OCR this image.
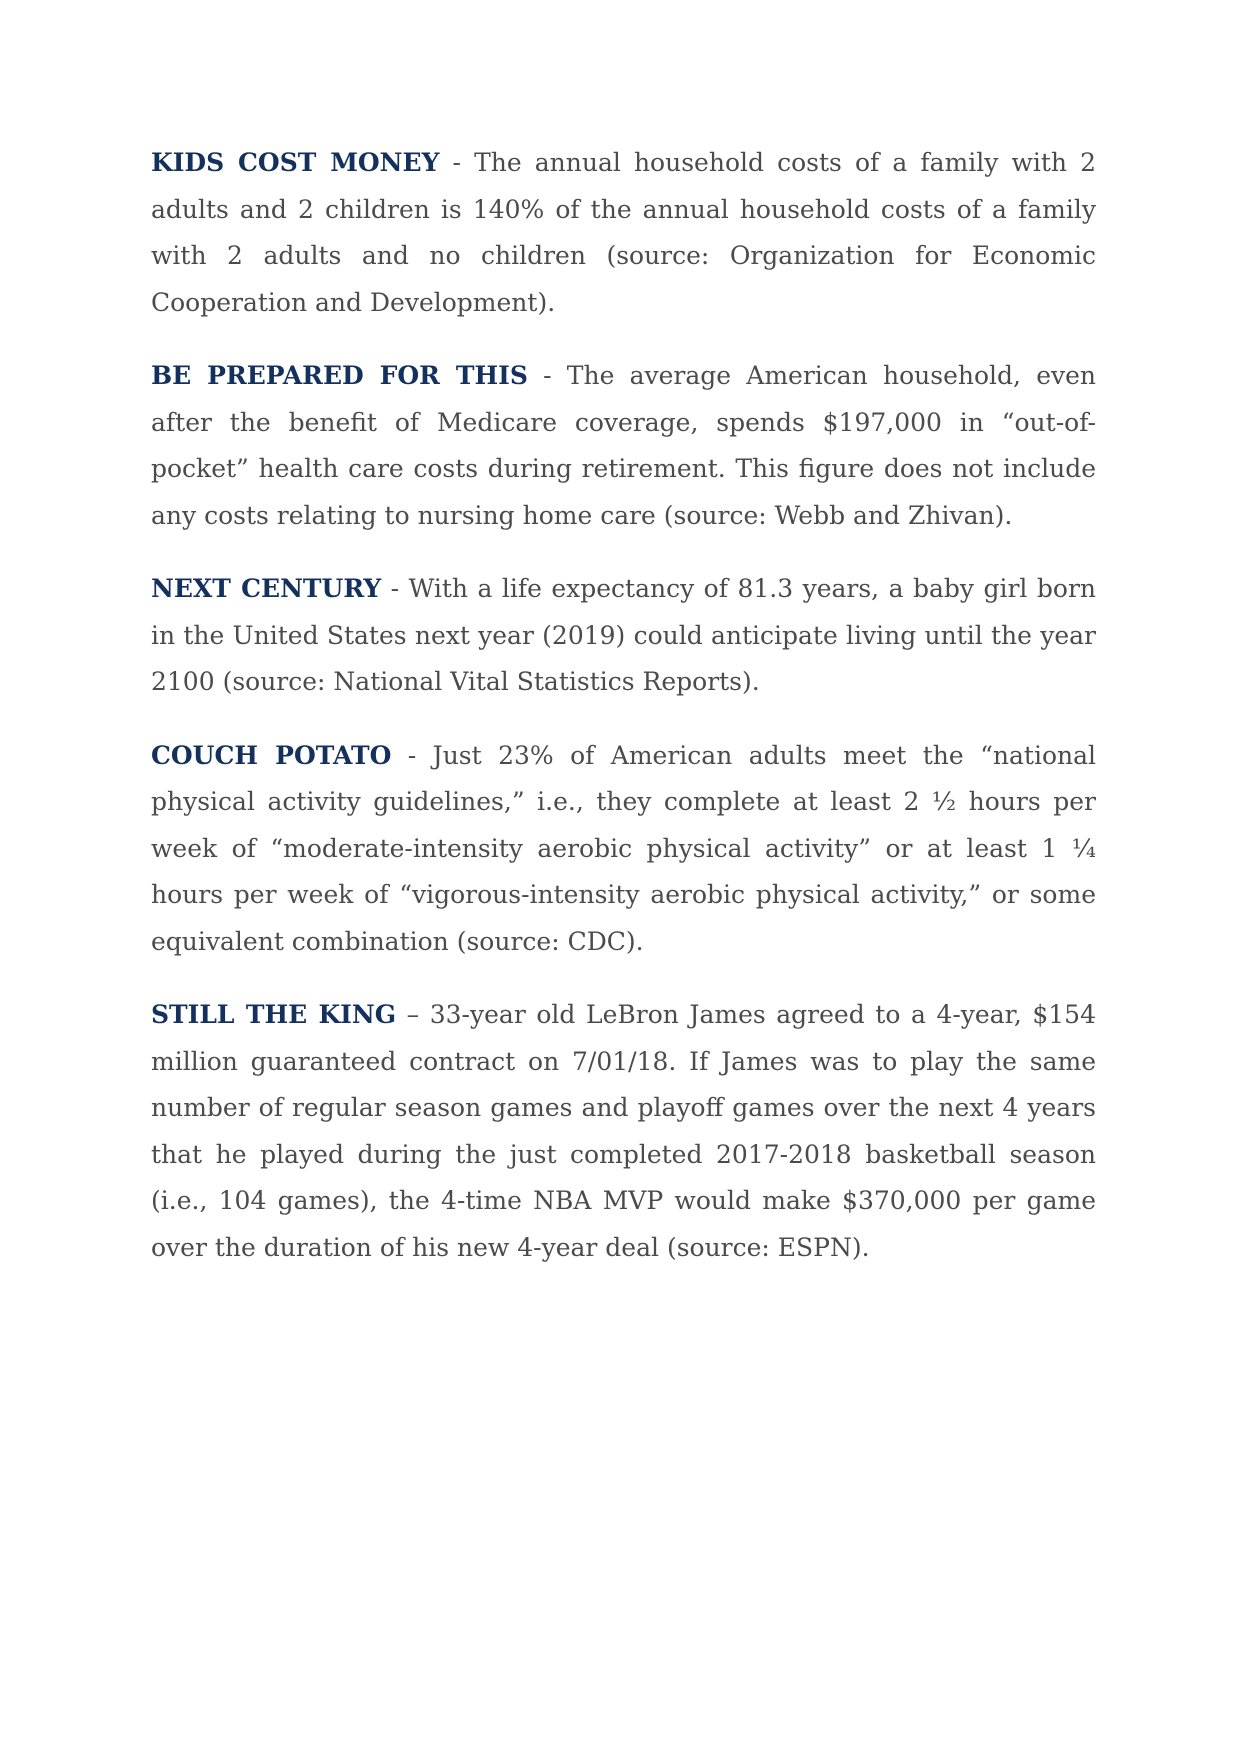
KIDS COST MONEY - The annual household costs of a family with 2 adults and 2 children is 140% of the annual household costs of a family with 2 adults and no children (source: Organization for Economic Cooperation and Development).

BE PREPARED FOR THIS - The average American household, even after the benefit of Medicare coverage, spends $197,000 in “out-of-pocket” health care costs during retirement. This figure does not include any costs relating to nursing home care (source: Webb and Zhivan).

NEXT CENTURY - With a life expectancy of 81.3 years, a baby girl born in the United States next year (2019) could anticipate living until the year 2100 (source: National Vital Statistics Reports).

COUCH POTATO - Just 23% of American adults meet the “national physical activity guidelines,” i.e., they complete at least 2 ½ hours per week of “moderate-intensity aerobic physical activity” or at least 1 ¼ hours per week of “vigorous-intensity aerobic physical activity,” or some equivalent combination (source: CDC).

STILL THE KING – 33-year old LeBron James agreed to a 4-year, $154 million guaranteed contract on 7/01/18. If James was to play the same number of regular season games and playoff games over the next 4 years that he played during the just completed 2017-2018 basketball season (i.e., 104 games), the 4-time NBA MVP would make $370,000 per game over the duration of his new 4-year deal (source: ESPN).
